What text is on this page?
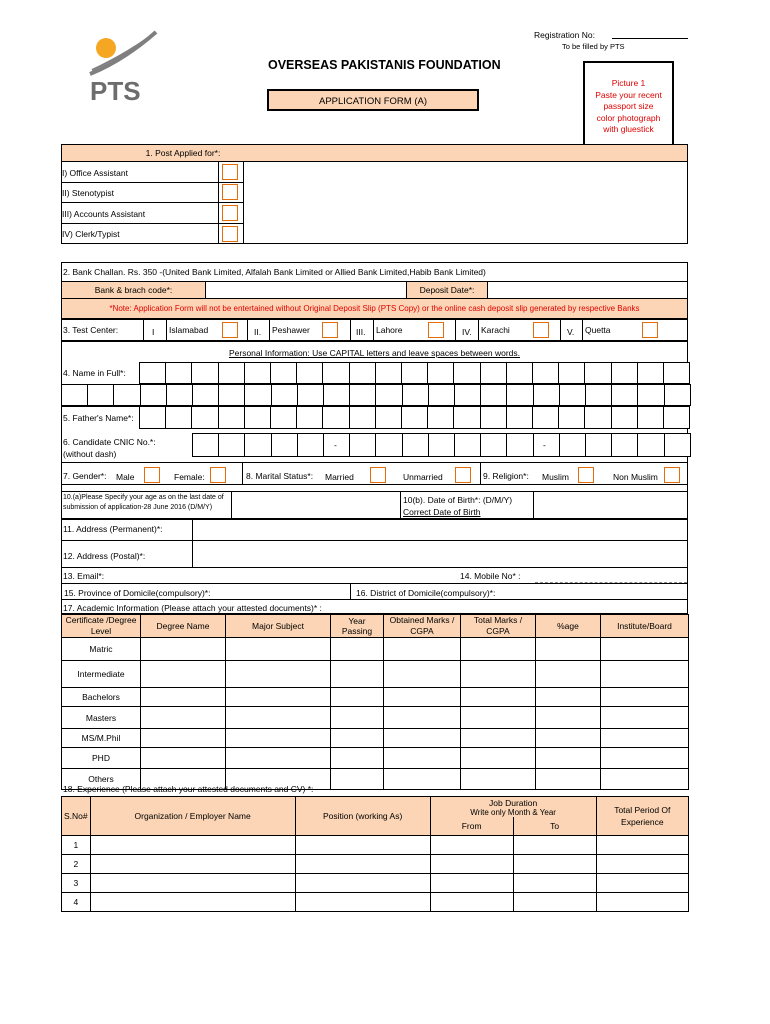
Registration No:
To be filled by PTS
PTS
OVERSEAS PAKISTANIS FOUNDATION
APPLICATION FORM (A)
Picture 1
Paste your recent
passport size
color photograph
with gluestick
1. Post Applied for*:
I) Office Assistant
II) Stenotypist
III) Accounts Assistant
IV) Clerk/Typist
2. Bank Challan. Rs. 350 -(United Bank Limited, Alfalah Bank Limited or Allied Bank Limited,Habib Bank Limited)
Bank & brach code*:	Deposit Date*:
*Note: Application Form will not be entertained without Original Deposit Slip (PTS Copy) or the online cash deposit slip generated by respective Banks
3. Test Center:	I Islamabad	II. Peshawer	III. Lahore	IV. Karachi	V. Quetta
Personal Information: Use CAPITAL letters and leave spaces between words.
4. Name in Full*:
5. Father's Name*:
6. Candidate CNIC No.*:
(without dash)
-	-
7. Gender*: Male	Female:	8. Marital Status*: Married	Unmarried	9. Religion*: Muslim	Non Muslim
10.(a)Please Specify your age as on the last date of
submission of application-28 June 2016 (D/M/Y)
10(b). Date of Birth*: (D/M/Y)
Correct Date of Birth
11. Address (Permanent)*:
12. Address (Postal)*:
13. Email*:	14. Mobile No* :
15. Province of Domicile(compulsory)*:	16. District of Domicile(compulsory)*:
17. Academic Information (Please attach your attested documents)* :
Certificate /Degree Level	Degree Name	Major Subject	Year Passing	Obtained Marks / CGPA	Total Marks / CGPA	%age	Institute/Board
Matric							
Intermediate							
Bachelors							
Masters							
MS/M.Phil							
PHD							
Others							
18. Experience (Please attach your attested documents and CV) *:
S.No#	Organization / Employer Name	Position (working As)	Job Duration		Total Period Of Experience
			Write only Month & Year		
			From	To	
1					
2					
3					
4					
